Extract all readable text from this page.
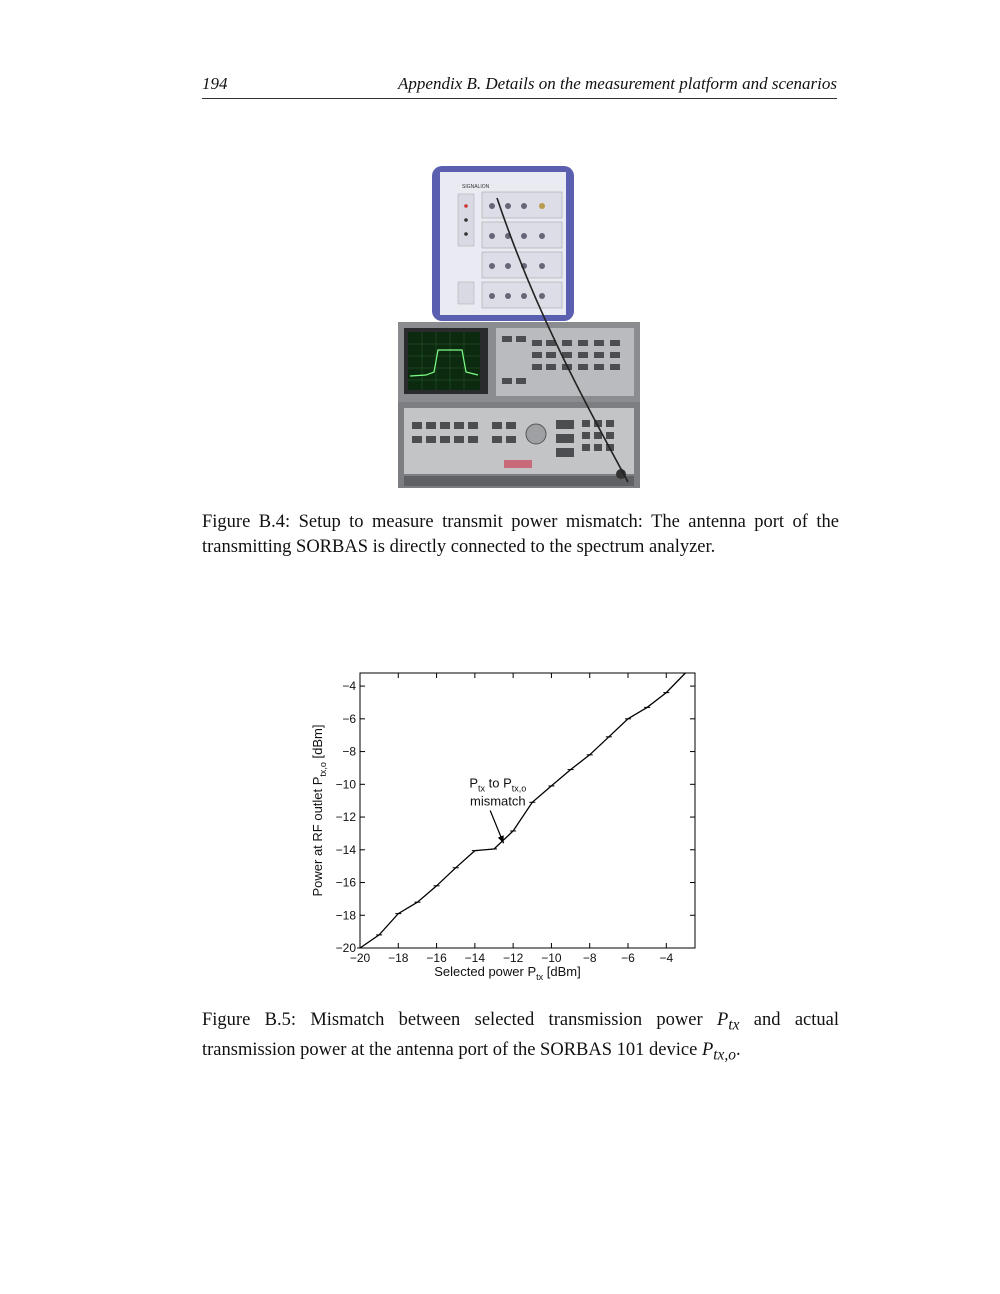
194	Appendix B. Details on the measurement platform and scenarios
SIGNALION
Figure B.4: Setup to measure transmit power mismatch: The antenna port of the transmitting SORBAS is directly connected to the spectrum analyzer.
−20 −18 −16 −14 −12 −10 −8 −6 −4
−4
−6
−8
−10
−12
−14
−16
−18
−20
$P_{tx}$ to $P_{tx,o}$
mismatch
Selected power $P_{tx}$ [dBm]
Power at RF outlet $P_{tx,o}$ [dBm]
Figure B.5: Mismatch between selected transmission power $P_{tx}$ and actual transmission power at the antenna port of the SORBAS 101 device $P_{tx,o}$.
